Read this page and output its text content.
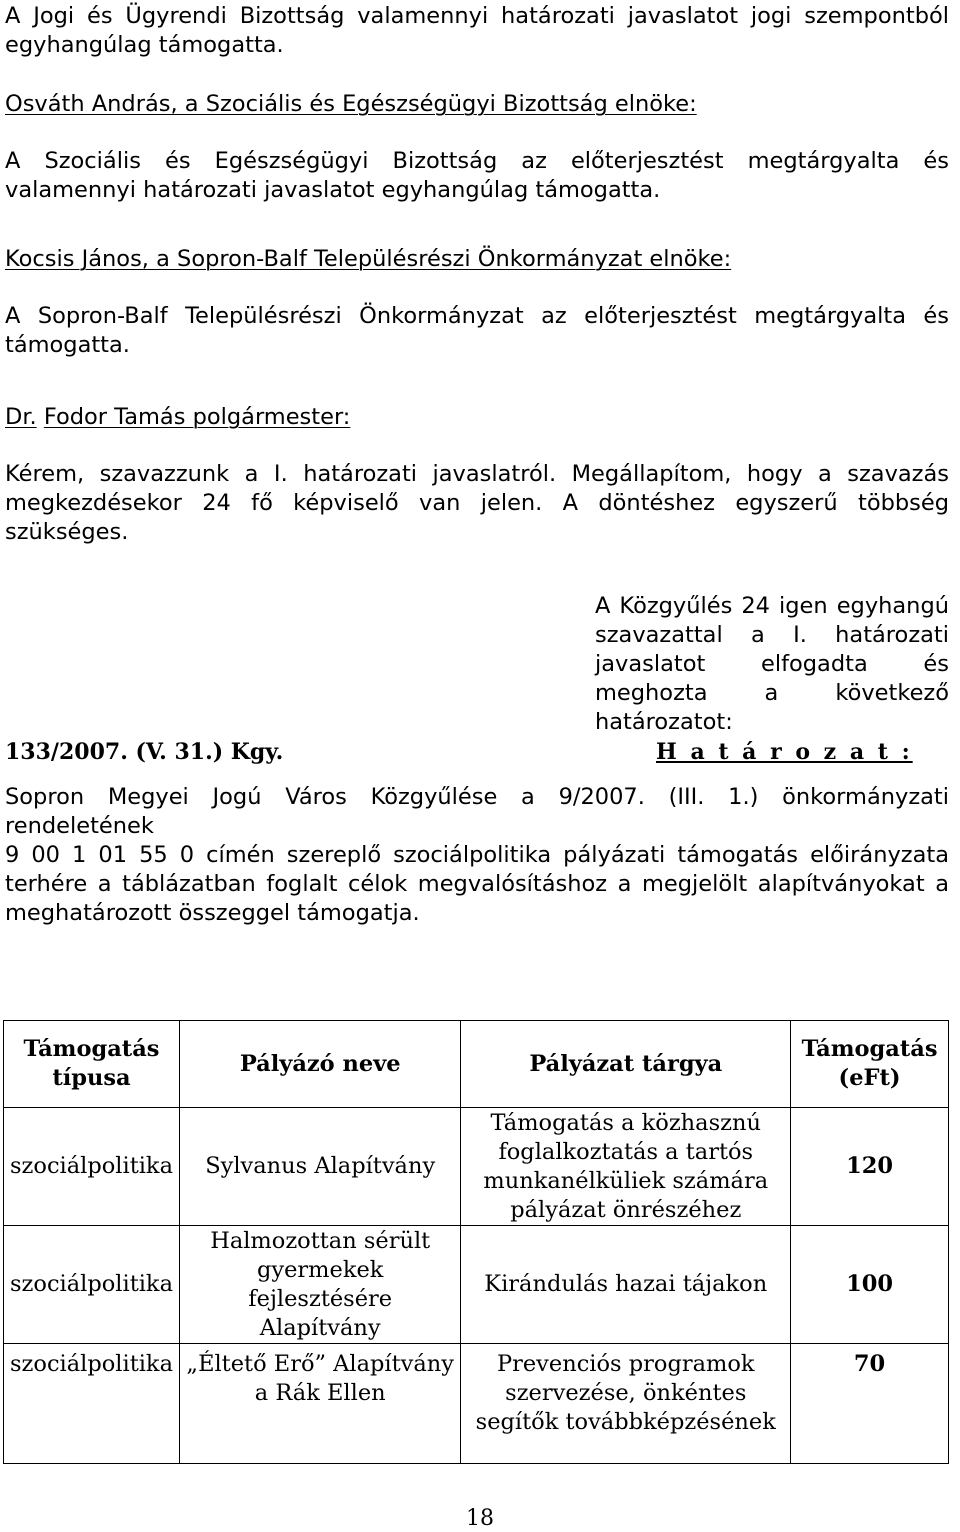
A Jogi és Ügyrendi Bizottság valamennyi határozati javaslatot jogi szempontból egyhangúlag támogatta.

Osváth András, a Szociális és Egészségügyi Bizottság elnöke:

A Szociális és Egészségügyi Bizottság az előterjesztést megtárgyalta és valamennyi határozati javaslatot egyhangúlag támogatta.

Kocsis János, a Sopron-Balf Településrészi Önkormányzat elnöke:

A Sopron-Balf Településrészi Önkormányzat az előterjesztést megtárgyalta és támogatta.

Dr. Fodor Tamás polgármester:

Kérem, szavazzunk a I. határozati javaslatról. Megállapítom, hogy a szavazás megkezdésekor 24 fő képviselő van jelen. A döntéshez egyszerű többség szükséges.

A Közgyűlés 24 igen egyhangú szavazattal a I. határozati javaslatot elfogadta és meghozta a következő határozatot:
133/2007. (V. 31.) Kgy.	H a t á r o z a t :

Sopron Megyei Jogú Város Közgyűlése a 9/2007. (III. 1.) önkormányzati

rendeletének

9 00 1 01 55 0 címén szereplő szociálpolitika pályázati támogatás előirányzata terhére a táblázatban foglalt célok megvalósításhoz a megjelölt alapítványokat a meghatározott összeggel támogatja.

Támogatás típusa	Pályázó neve	Pályázat tárgya	Támogatás (eFt)
szociálpolitika	Sylvanus Alapítvány	Támogatás a közhasznú foglalkoztatás a tartós munkanélküliek számára pályázat önrészéhez	120
szociálpolitika	Halmozottan sérült gyermekek fejlesztésére Alapítvány	Kirándulás hazai tájakon	100
szociálpolitika	„Éltető Erő” Alapítvány a Rák Ellen	Prevenciós programok szervezése, önkéntes segítők továbbképzésének	70
18
